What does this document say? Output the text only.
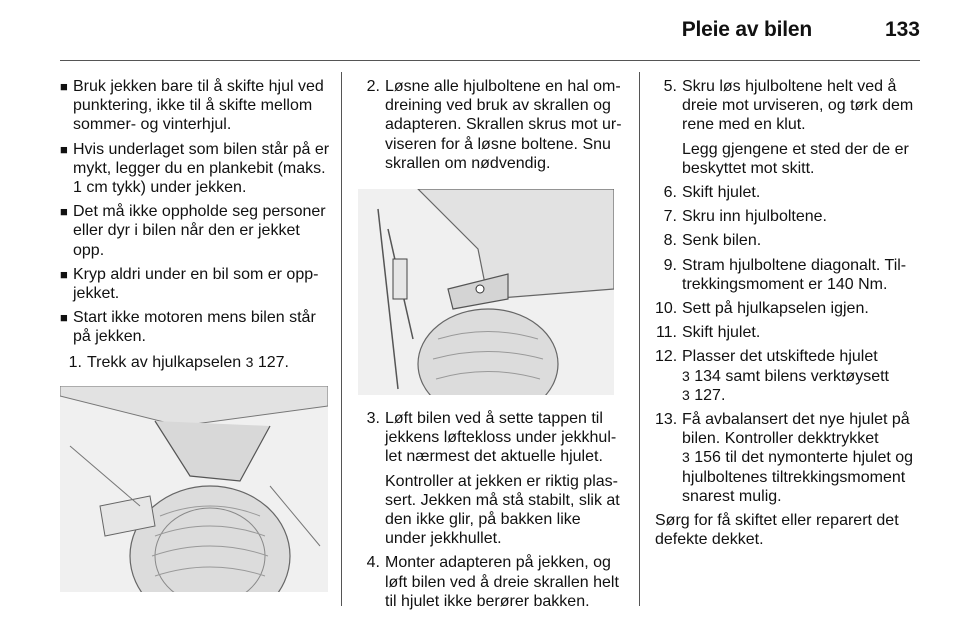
Pleie av bilen	133
■ Bruk jekken bare til å skifte hjul ved punktering, ikke til å skifte mellom sommer- og vinterhjul.
■ Hvis underlaget som bilen står på er mykt, legger du en plankebit (maks. 1 cm tykk) under jekken.
■ Det må ikke oppholde seg personer eller dyr i bilen når den er jekket opp.
■ Kryp aldri under en bil som er opp-jekket.
■ Start ikke motoren mens bilen står på jekken.
1. Trekk av hjulkapselen 3 127.
2. Løsne alle hjulboltene en hal om-dreining ved bruk av skrallen og adapteren. Skrallen skrus mot ur-viseren for å løsne boltene. Snu skrallen om nødvendig.
3. Løft bilen ved å sette tappen til jekkens løftekloss under jekkhul-let nærmest det aktuelle hjulet.

Kontroller at jekken er riktig plas-sert. Jekken må stå stabilt, slik at den ikke glir, på bakken like under jekkhullet.

4. Monter adapteren på jekken, og løft bilen ved å dreie skrallen helt til hjulet ikke berører bakken.
5. Skru løs hjulboltene helt ved å dreie mot urviseren, og tørk dem rene med en klut.

Legg gjengene et sted der de er beskyttet mot skitt.

6. Skift hjulet.
7. Skru inn hjulboltene.
8. Senk bilen.
9. Stram hjulboltene diagonalt. Til-trekkingsmoment er 140 Nm.
10. Sett på hjulkapselen igjen.
11. Skift hjulet.
12. Plasser det utskiftede hjulet
3 134 samt bilens verktøysett
3 127.
13. Få avbalansert det nye hjulet på bilen. Kontroller dekktrykket
3 156 til det nymonterte hjulet og hjulboltenes tiltrekkingsmoment snarest mulig.

Sørg for få skiftet eller reparert det defekte dekket.
